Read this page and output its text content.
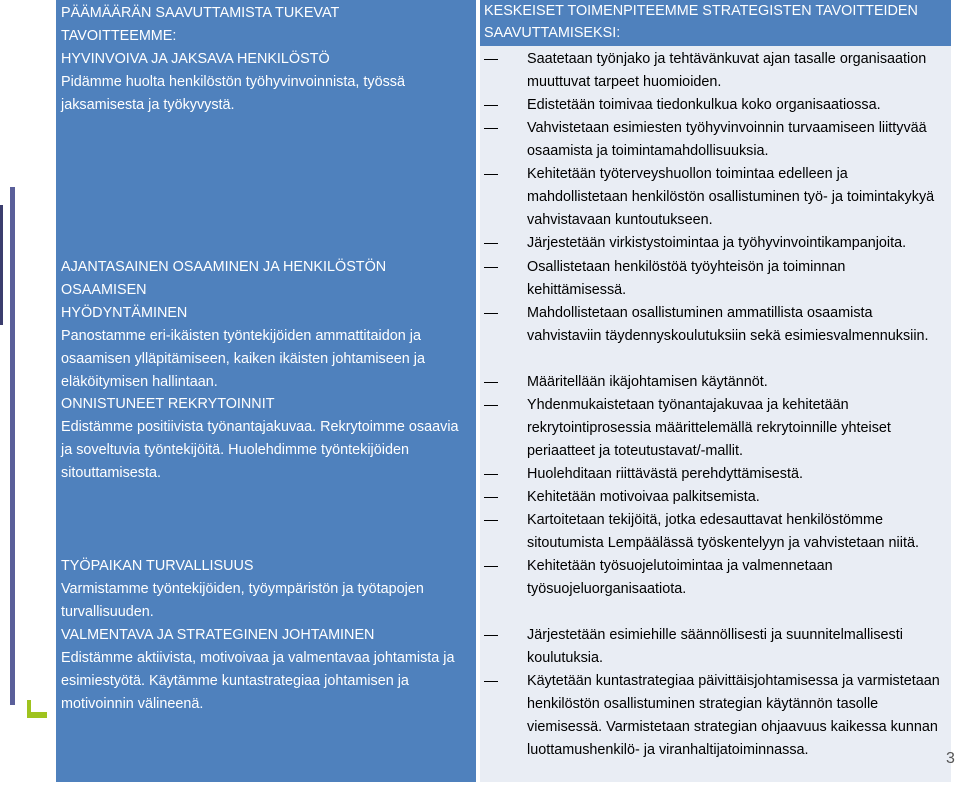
PÄÄMÄÄRÄN SAAVUTTAMISTA TUKEVAT
TAVOITTEEMME:
HYVINVOIVA JA JAKSAVA HENKILÖSTÖ
Pidämme huolta henkilöstön työhyvinvoinnista, työssä jaksamisesta ja työkyvystä.
AJANTASAINEN OSAAMINEN JA HENKILÖSTÖN OSAAMISEN
HYÖDYNTÄMINEN
Panostamme eri-ikäisten työntekijöiden ammattitaidon ja osaamisen ylläpitämiseen, kaiken ikäisten johtamiseen ja eläköitymisen hallintaan.
ONNISTUNEET REKRYTOINNIT
Edistämme positiivista työnantajakuvaa. Rekrytoimme osaavia ja soveltuvia työntekijöitä. Huolehdimme työntekijöiden sitouttamisesta.
TYÖPAIKAN TURVALLISUUS
Varmistamme työntekijöiden, työympäristön ja työtapojen turvallisuuden.
VALMENTAVA JA STRATEGINEN JOHTAMINEN
Edistämme aktiivista, motivoivaa ja valmentavaa johtamista ja esimiestyötä. Käytämme kuntastrategiaa johtamisen ja motivoinnin välineenä.
KESKEISET TOIMENPITEEMME STRATEGISTEN TAVOITTEIDEN
SAAVUTTAMISEKSI:
Saatetaan työnjako ja tehtävänkuvat ajan tasalle organisaation muuttuvat tarpeet huomioiden.
Edistetään toimivaa tiedonkulkua koko organisaatiossa.
Vahvistetaan esimiesten työhyvinvoinnin turvaamiseen liittyvää osaamista ja toimintamahdollisuuksia.
Kehitetään työterveyshuollon toimintaa edelleen ja mahdollistetaan henkilöstön osallistuminen työ- ja toimintakykyä vahvistavaan kuntoutukseen.
Järjestetään virkistystoimintaa ja työhyvinvointikampanjoita.
Osallistetaan henkilöstöä työyhteisön ja toiminnan kehittämisessä.
Mahdollistetaan osallistuminen ammatillista osaamista vahvistaviin täydennyskoulutuksiin sekä esimiesvalmennuksiin.
Määritellään ikäjohtamisen käytännöt.
Yhdenmukaistetaan työnantajakuvaa ja kehitetään rekrytointiprosessia määrittelemällä rekrytoinnille yhteiset periaatteet ja toteutustavat/-mallit.
Huolehditaan riittävästä perehdyttämisestä.
Kehitetään motivoivaa palkitsemista.
Kartoitetaan tekijöitä, jotka edesauttavat henkilöstömme sitoutumista Lempäälässä työskentelyyn ja vahvistetaan niitä.
Kehitetään työsuojelutoimintaa ja valmennetaan työsuojeluorganisaatiota.
Järjestetään esimiehille säännöllisesti ja suunnitelmallisesti koulutuksia.
Käytetään kuntastrategiaa päivittäisjohtamisessa ja varmistetaan henkilöstön osallistuminen strategian käytännön tasolle viemisessä. Varmistetaan strategian ohjaavuus kaikessa kunnan luottamushenkilö- ja viranhaltijatoiminnassa.	3
